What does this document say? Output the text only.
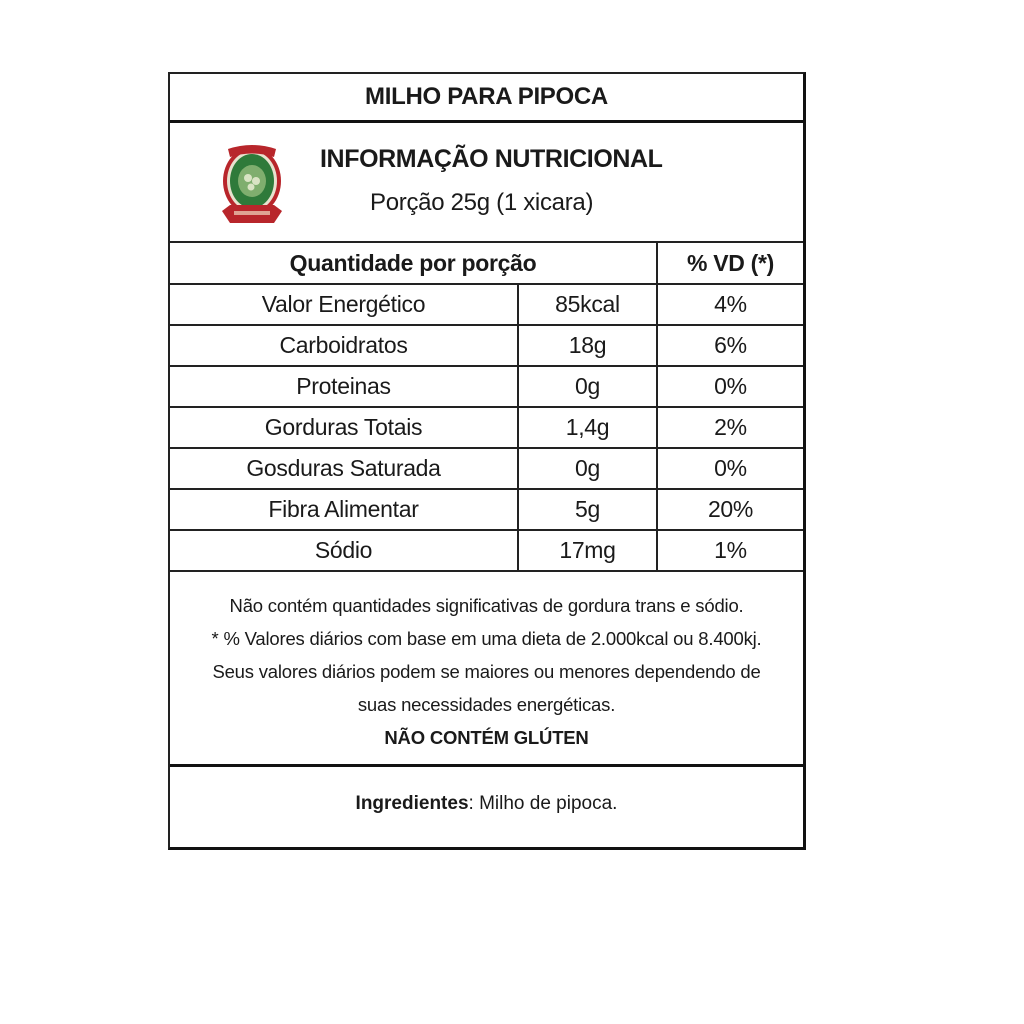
MILHO PARA PIPOCA
INFORMAÇÃO NUTRICIONAL
Porção 25g (1 xicara)
Quantidade por porção		% VD (*)
Valor Energético	85kcal	4%
Carboidratos	18g	6%
Proteinas	0g	0%
Gorduras Totais	1,4g	2%
Gosduras Saturada	0g	0%
Fibra Alimentar	5g	20%
Sódio	17mg	1%
Não contém quantidades significativas de gordura trans e sódio.
* % Valores diários com base em uma dieta de 2.000kcal ou 8.400kj.
Seus valores diários podem se maiores ou menores dependendo de
suas necessidades energéticas.
NÃO CONTÉM GLÚTEN
Ingredientes: Milho de pipoca.
